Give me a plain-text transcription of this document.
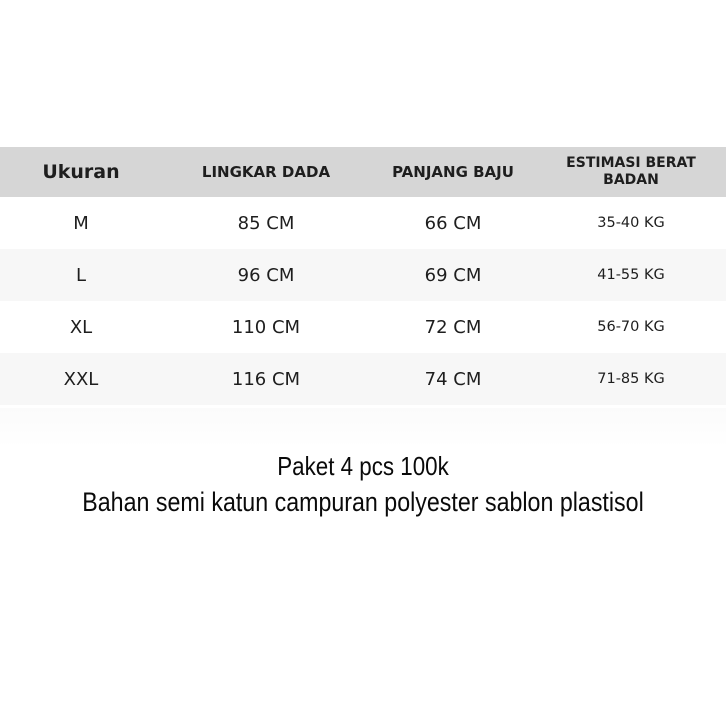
Ukuran	LINGKAR DADA	PANJANG BAJU	ESTIMASI BERAT
BADAN
M	85 CM	66 CM	35-40 KG
L	96 CM	69 CM	41-55 KG
XL	110 CM	72 CM	56-70 KG
XXL	116 CM	74 CM	71-85 KG
Paket 4 pcs 100k
Bahan semi katun campuran polyester sablon plastisol
